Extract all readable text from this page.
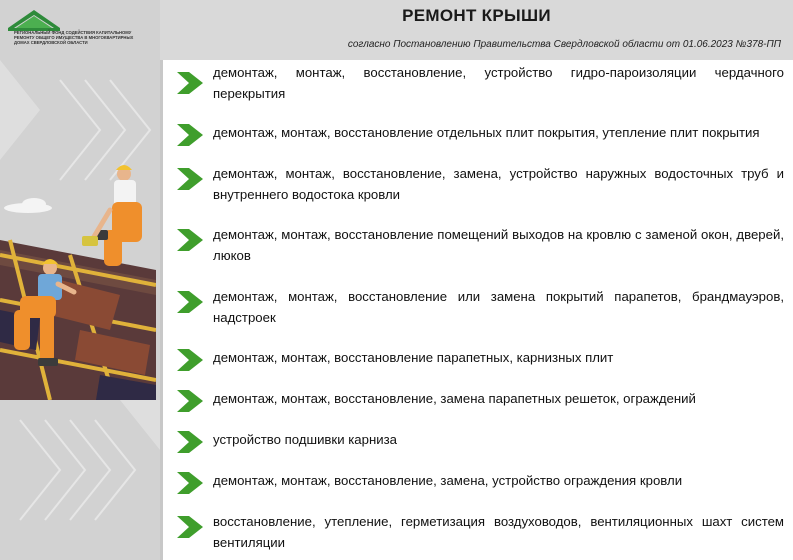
РЕГИОНАЛЬНЫЙ ФОНД СОДЕЙСТВИЯ КАПИТАЛЬНОМУ
РЕМОНТУ ОБЩЕГО ИМУЩЕСТВА В МНОГОКВАРТИРНЫХ
ДОМАХ СВЕРДЛОВСКОЙ ОБЛАСТИ
РЕМОНТ КРЫШИ
согласно Постановлению Правительства Свердловской области от 01.06.2023 №378-ПП
демонтаж, монтаж, восстановление, устройство гидро-пароизоляции чердачного перекрытия
демонтаж, монтаж, восстановление отдельных плит покрытия, утепление плит покрытия
демонтаж, монтаж, восстановление, замена, устройство наружных водосточных труб и внутреннего водостока кровли
демонтаж, монтаж, восстановление помещений выходов на кровлю с заменой окон, дверей, люков
демонтаж, монтаж, восстановление или замена покрытий парапетов, брандмауэров, надстроек
демонтаж, монтаж, восстановление парапетных, карнизных плит
демонтаж, монтаж, восстановление, замена парапетных решеток, ограждений
устройство подшивки карниза
демонтаж, монтаж, восстановление, замена, устройство ограждения кровли
восстановление, утепление, герметизация воздуховодов, вентиляционных шахт систем вентиляции
